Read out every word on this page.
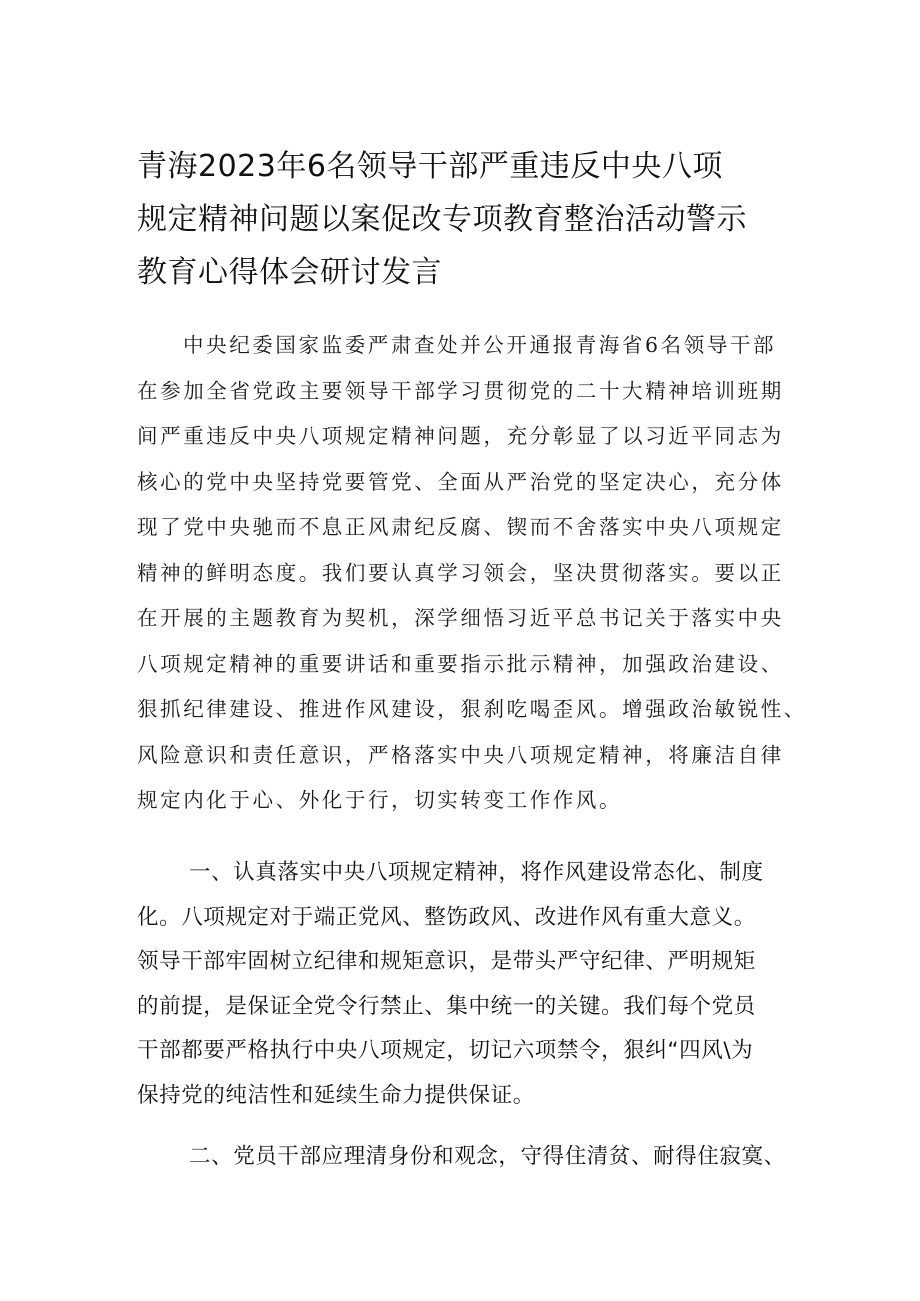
青海2023年6名领导干部严重违反中央八项
规定精神问题以案促改专项教育整治活动警示
教育心得体会研讨发言
中央纪委国家监委严肃查处并公开通报青海省6名领导干部
在参加全省党政主要领导干部学习贯彻党的二十大精神培训班期
间严重违反中央八项规定精神问题，充分彰显了以习近平同志为
核心的党中央坚持党要管党、全面从严治党的坚定决心，充分体
现了党中央驰而不息正风肃纪反腐、锲而不舍落实中央八项规定
精神的鲜明态度。我们要认真学习领会，坚决贯彻落实。要以正
在开展的主题教育为契机，深学细悟习近平总书记关于落实中央
八项规定精神的重要讲话和重要指示批示精神，加强政治建设、
狠抓纪律建设、推进作风建设，狠刹吃喝歪风。增强政治敏锐性、
风险意识和责任意识，严格落实中央八项规定精神，将廉洁自律
规定内化于心、外化于行，切实转变工作作风。
一、认真落实中央八项规定精神，将作风建设常态化、制度
化。八项规定对于端正党风、整饬政风、改进作风有重大意义。
领导干部牢固树立纪律和规矩意识，是带头严守纪律、严明规矩
的前提，是保证全党令行禁止、集中统一的关键。我们每个党员
干部都要严格执行中央八项规定，切记六项禁令，狠纠“四风\为
保持党的纯洁性和延续生命力提供保证。
二、党员干部应理清身份和观念，守得住清贫、耐得住寂寞、
